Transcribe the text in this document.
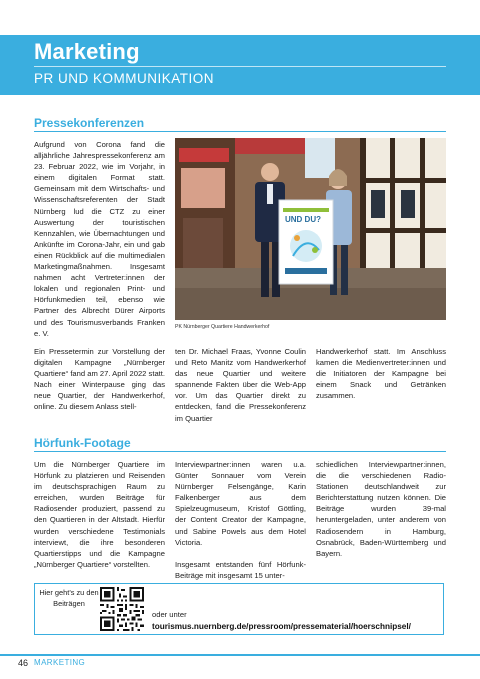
Marketing
PR UND KOMMUNIKATION
Pressekonferenzen

Aufgrund von Corona fand die alljährliche Jahrespressekonferenz am 23. Februar 2022, wie im Vorjahr, in einem digitalen Format statt. Gemeinsam mit dem Wirtschafts- und Wissenschaftsreferenten der Stadt Nürnberg lud die CTZ zu einer Auswertung der touristischen Kennzahlen, wie Übernachtungen und Ankünfte im Corona-Jahr, ein und gab einen Rückblick auf die multimedialen Marketingmaßnahmen. Insgesamt nahmen acht Vertreter:innen der lokalen und regionalen Print- und Hörfunkmedien teil, ebenso wie Partner des Albrecht Dürer Airports und des Tourismusverbands Franken e. V.

UND DU?
PK Nürnberger Quartiere Handwerkerhof

Ein Pressetermin zur Vorstellung der digitalen Kampagne „Nürnberger Quartiere“ fand am 27. April 2022 statt. Nach einer Winterpause ging das neue Quartier, der Handwerkerhof, online. Zu diesem Anlass stell-

ten Dr. Michael Fraas, Yvonne Coulin und Reto Manitz vom Handwerkerhof das neue Quartier und weitere spannende Fakten über die Web-App vor. Um das Quartier direkt zu entdecken, fand die Pressekonferenz im Quartier

Handwerkerhof statt. Im Anschluss kamen die Medienvertreter:innen und die Initiatoren der Kampagne bei einem Snack und Getränken zusammen.

Hörfunk-Footage

Um die Nürnberger Quartiere im Hörfunk zu platzieren und Reisenden im deutschsprachigen Raum zu erreichen, wurden Beiträge für Radiosender produziert, passend zu den Quartieren in der Altstadt. Hierfür wurden verschiedene Testimonials interviewt, die ihre besonderen Quartierstipps und die Kampagne „Nürnberger Quartiere“ vorstellten.

Interviewpartner:innen waren u.a. Günter Sonnauer vom Verein Nürnberger Felsengänge, Karin Falkenberger aus dem Spielzeugmuseum, Kristof Göttling, der Content Creator der Kampagne, und Sabine Powels aus dem Hotel Victoria.

Insgesamt entstanden fünf Hörfunk-Beiträge mit insgesamt 15 unter-

schiedlichen Interviewpartner:innen, die die verschiedenen Radio-Stationen deutschlandweit zur Berichterstattung nutzen können. Die Beiträge wurden 39-mal heruntergeladen, unter anderem von Radiosendern in Hamburg, Osnabrück, Baden-Württemberg und Bayern.

Hier geht's zu den Beiträgen
oder unter
tourismus.nuernberg.de/pressroom/pressematerial/hoerschnipsel/
46 MARKETING
